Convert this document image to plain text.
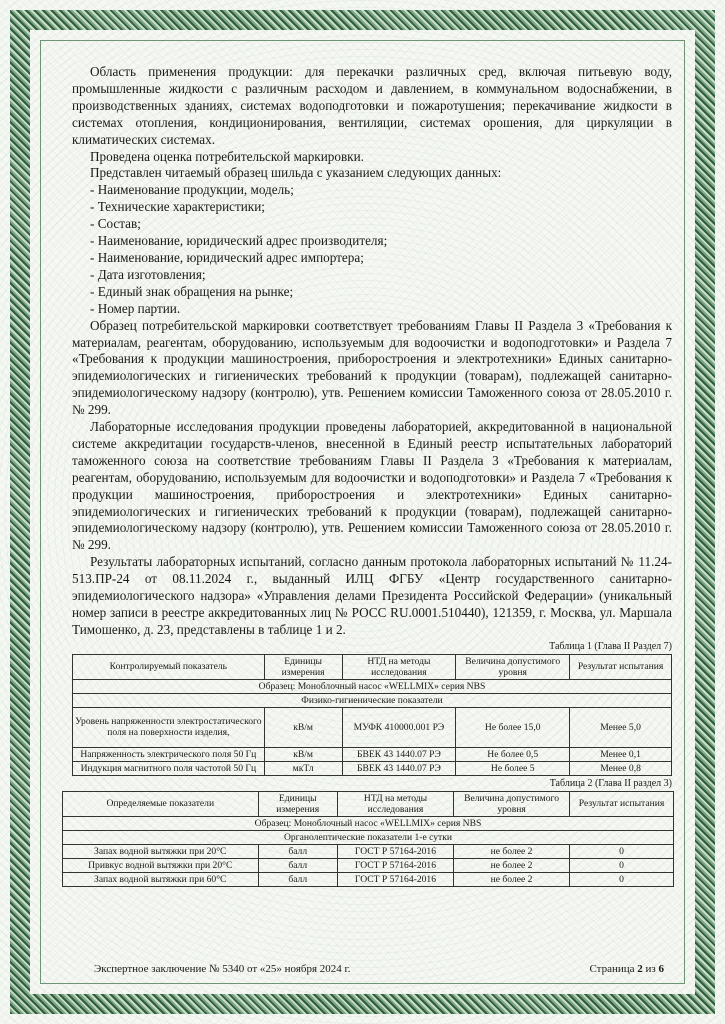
Область применения продукции: для перекачки различных сред, включая питьевую воду, промышленные жидкости с различным расходом и давлением, в коммунальном водоснабжении, в производственных зданиях, системах водоподготовки и пожаротушения; перекачивание жидкости в системах отопления, кондиционирования, вентиляции, системах орошения, для циркуляции в климатических системах.

Проведена оценка потребительской маркировки.

Представлен читаемый образец шильда с указанием следующих данных:

- Наименование продукции, модель;

- Технические характеристики;

- Состав;

- Наименование, юридический адрес производителя;

- Наименование, юридический адрес импортера;

- Дата изготовления;

- Единый знак обращения на рынке;

- Номер партии.

Образец потребительской маркировки соответствует требованиям Главы II Раздела 3 «Требования к материалам, реагентам, оборудованию, используемым для водоочистки и водоподготовки» и Раздела 7 «Требования к продукции машиностроения, приборостроения и электротехники» Единых санитарно-эпидемиологических и гигиенических требований к продукции (товарам), подлежащей санитарно-эпидемиологическому надзору (контролю), утв. Решением комиссии Таможенного союза от 28.05.2010 г. № 299.

Лабораторные исследования продукции проведены лабораторией, аккредитованной в национальной системе аккредитации государств-членов, внесенной в Единый реестр испытательных лабораторий таможенного союза на соответствие требованиям Главы II Раздела 3 «Требования к материалам, реагентам, оборудованию, используемым для водоочистки и водоподготовки» и Раздела 7 «Требования к продукции машиностроения, приборостроения и электротехники» Единых санитарно-эпидемиологических и гигиенических требований к продукции (товарам), подлежащей санитарно-эпидемиологическому надзору (контролю), утв. Решением комиссии Таможенного союза от 28.05.2010 г. № 299.

Результаты лабораторных испытаний, согласно данным протокола лабораторных испытаний № 11.24-513.ПР-24 от 08.11.2024 г., выданный ИЛЦ ФГБУ «Центр государственного санитарно-эпидемиологического надзора» «Управления делами Президента Российской Федерации» (уникальный номер записи в реестре аккредитованных лиц № РОСС RU.0001.510440), 121359, г. Москва, ул. Маршала Тимошенко, д. 23, представлены в таблице 1 и 2.

Таблица 1 (Глава II Раздел 7)
Контролируемый показатель	Единицы измерения	НТД на методы исследования	Величина допустимого уровня	Результат испытания
Образец: Моноблочный насос «WELLMIX» серия NBS				
Физико-гигиенические показатели				
Уровень напряженности электростатического поля на поверхности изделия,	кВ/м	МУФК 410000.001 РЭ	Не более 15,0	Менее 5,0
Напряженность электрического поля 50 Гц	кВ/м	БВЕК 43 1440.07 РЭ	Не более 0,5	Менее 0,1
Индукция магнитного поля частотой 50 Гц	мкТл	БВЕК 43 1440.07 РЭ	Не более 5	Менее 0,8
Таблица 2 (Глава II раздел 3)
Определяемые показатели	Единицы измерения	НТД на методы исследования	Величина допустимого уровня	Результат испытания
Образец: Моноблочный насос «WELLMIX» серия NBS				
Органолептические показатели 1-е сутки				
Запах водной вытяжки при 20°C	балл	ГОСТ Р 57164-2016	не более 2	0
Привкус водной вытяжки при 20°C	балл	ГОСТ Р 57164-2016	не более 2	0
Запах водной вытяжки при 60°C	балл	ГОСТ Р 57164-2016	не более 2	0
Экспертное заключение № 5340 от «25» ноября 2024 г.	Страница 2 из 6
